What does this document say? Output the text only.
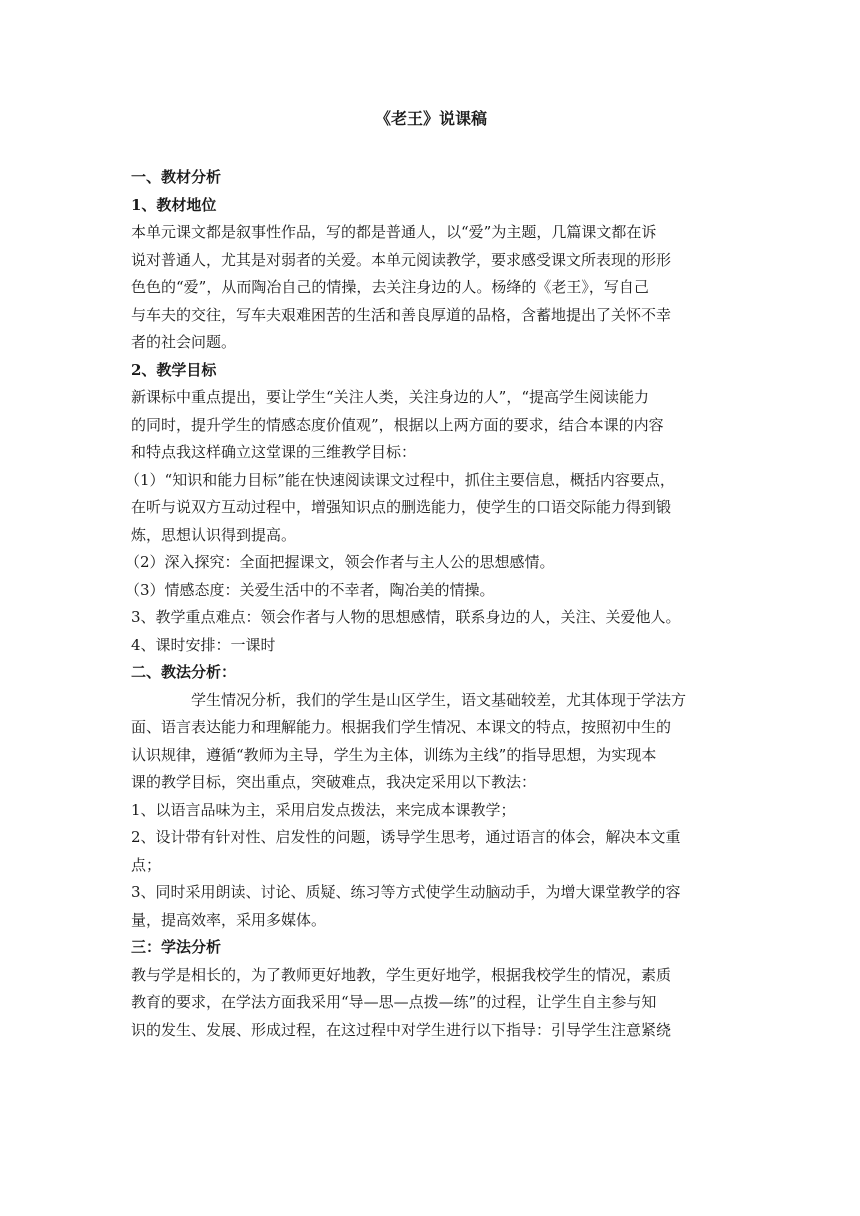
《老王》说课稿
一、教材分析
1、教材地位
本单元课文都是叙事性作品，写的都是普通人，以“爱”为主题，几篇课文都在诉
说对普通人，尤其是对弱者的关爱。本单元阅读教学，要求感受课文所表现的形形
色色的“爱”，从而陶冶自己的情操，去关注身边的人。杨绛的《老王》，写自己
与车夫的交往，写车夫艰难困苦的生活和善良厚道的品格，含蓄地提出了关怀不幸
者的社会问题。
2、教学目标
新课标中重点提出，要让学生“关注人类，关注身边的人”，“提高学生阅读能力
的同时，提升学生的情感态度价值观”，根据以上两方面的要求，结合本课的内容
和特点我这样确立这堂课的三维教学目标：
（1）“知识和能力目标”能在快速阅读课文过程中，抓住主要信息，概括内容要点，
在听与说双方互动过程中，增强知识点的删选能力，使学生的口语交际能力得到锻
炼，思想认识得到提高。
（2）深入探究：全面把握课文，领会作者与主人公的思想感情。
（3）情感态度：关爱生活中的不幸者，陶冶美的情操。
3、教学重点难点：领会作者与人物的思想感情，联系身边的人，关注、关爱他人。
4、课时安排：一课时
二、教法分析：
学生情况分析，我们的学生是山区学生，语文基础较差，尤其体现于学法方
面、语言表达能力和理解能力。根据我们学生情况、本课文的特点，按照初中生的
认识规律，遵循“教师为主导，学生为主体，训练为主线”的指导思想，为实现本
课的教学目标，突出重点，突破难点，我决定采用以下教法：
1、以语言品味为主，采用启发点拨法，来完成本课教学；
2、设计带有针对性、启发性的问题，诱导学生思考，通过语言的体会，解决本文重
点；
3、同时采用朗读、讨论、质疑、练习等方式使学生动脑动手，为增大课堂教学的容
量，提高效率，采用多媒体。
三：学法分析
教与学是相长的，为了教师更好地教，学生更好地学，根据我校学生的情况，素质
教育的要求，在学法方面我采用“导—思—点拨—练”的过程，让学生自主参与知
识的发生、发展、形成过程，在这过程中对学生进行以下指导：引导学生注意紧绕
